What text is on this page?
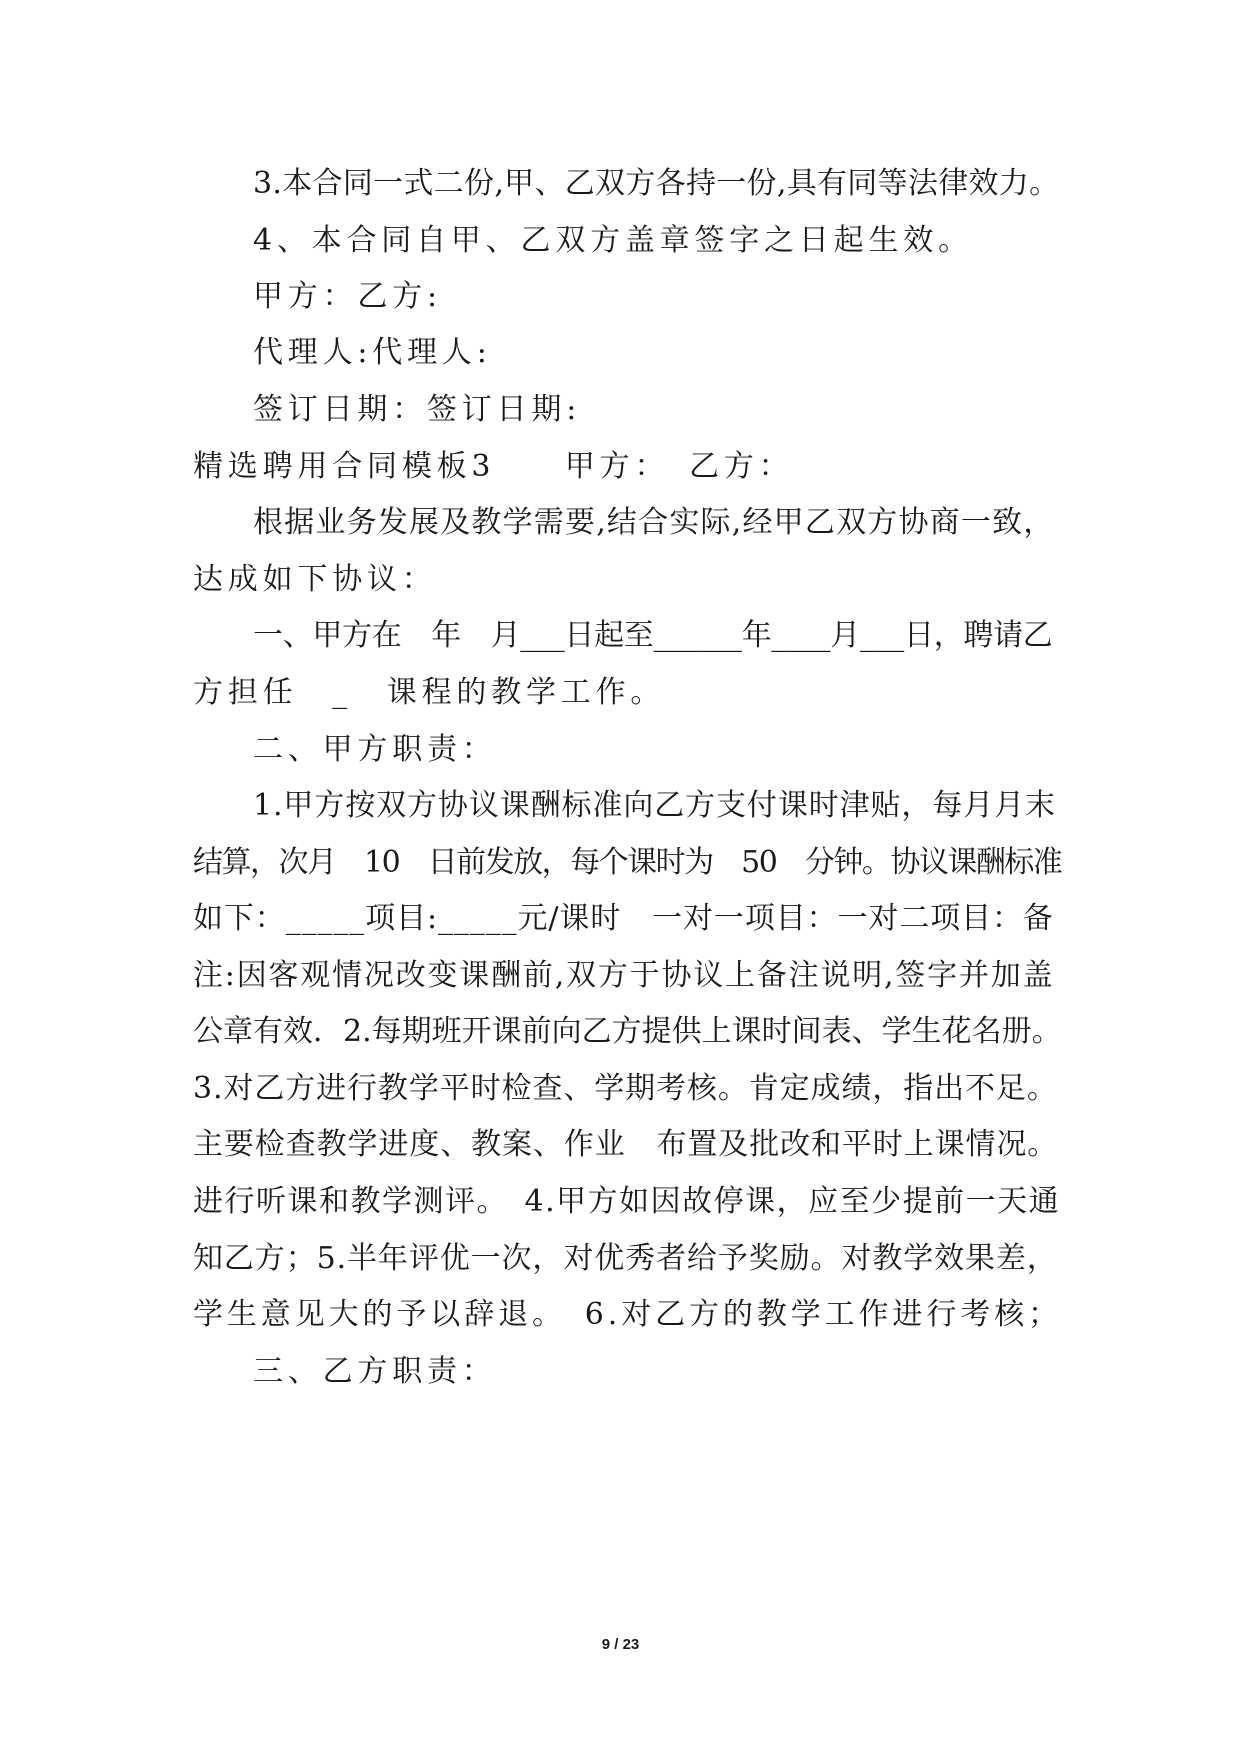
3.本合同一式二份,甲、乙双方各持一份,具有同等法律效力。
4、本合同自甲、乙双方盖章签字之日起生效。
甲方：乙方:
代理人:代理人:
签订日期：签订日期:
精选聘用合同模板3　　甲方：　乙方：
根据业务发展及教学需要,结合实际,经甲乙双方协商一致，
达成如下协议：
一、甲方在　年　月___日起至______年____月___日，聘请乙
方担任　_　课程的教学工作。
二、甲方职责：
1.甲方按双方协议课酬标准向乙方支付课时津贴，每月月末
结算，次月　10　日前发放，每个课时为　50　分钟。协议课酬标准
如下：_____项目:_____元/课时　一对一项目：一对二项目：备
注:因客观情况改变课酬前,双方于协议上备注说明,签字并加盖
公章有效．2.每期班开课前向乙方提供上课时间表、学生花名册。
3.对乙方进行教学平时检查、学期考核。肯定成绩，指出不足。
主要检查教学进度、教案、作业　布置及批改和平时上课情况。
进行听课和教学测评。　4.甲方如因故停课，应至少提前一天通
知乙方；5.半年评优一次，对优秀者给予奖励。对教学效果差，
学生意见大的予以辞退。　6.对乙方的教学工作进行考核；
三、乙方职责：
9 / 23
